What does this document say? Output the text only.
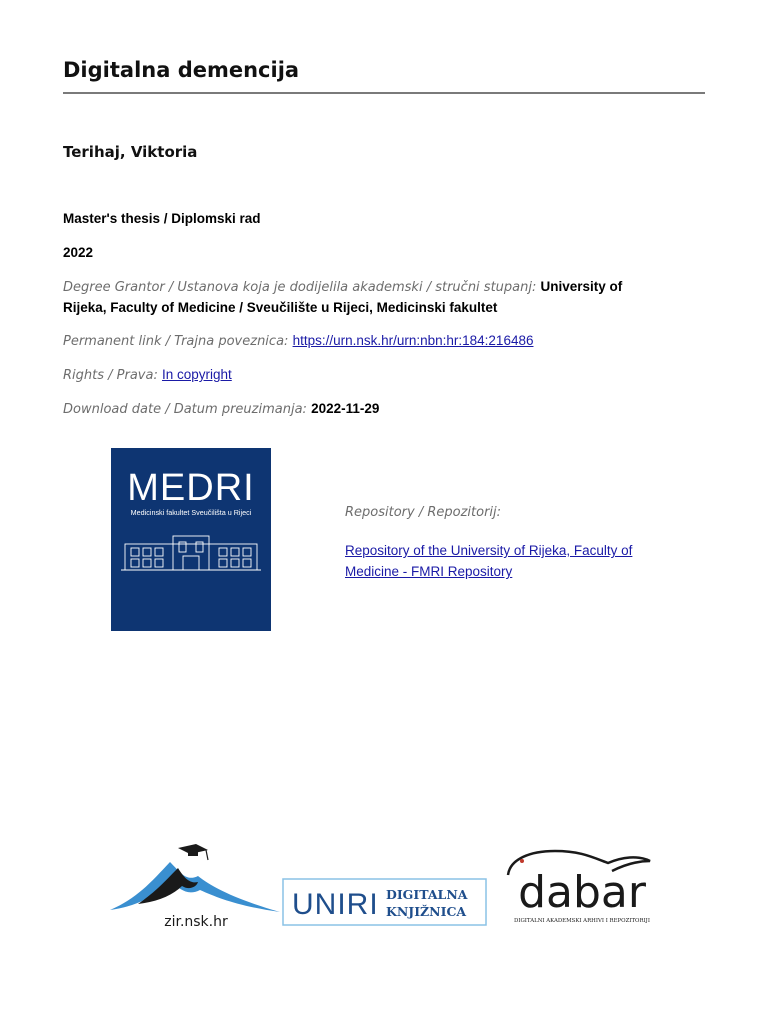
Digitalna demencija
Terihaj, Viktoria
Master's thesis / Diplomski rad
2022
Degree Grantor / Ustanova koja je dodijelila akademski / stručni stupanj: University of
Rijeka, Faculty of Medicine / Sveučilište u Rijeci, Medicinski fakultet
Permanent link / Trajna poveznica: https://urn.nsk.hr/urn:nbn:hr:184:216486
Rights / Prava: In copyright
Download date / Datum preuzimanja: 2022-11-29
MEDRI
Medicinski fakultet Sveučilišta u Rijeci	Repository / Repozitorij:
Repository of the University of Rijeka, Faculty of
Medicine - FMRI Repository
zir.nsk.hr
UNIRI DIGITALNA
KNJIŽNICA dabar
DIGITALNI AKADEMSKI ARHIVI I REPOZITORIJI
